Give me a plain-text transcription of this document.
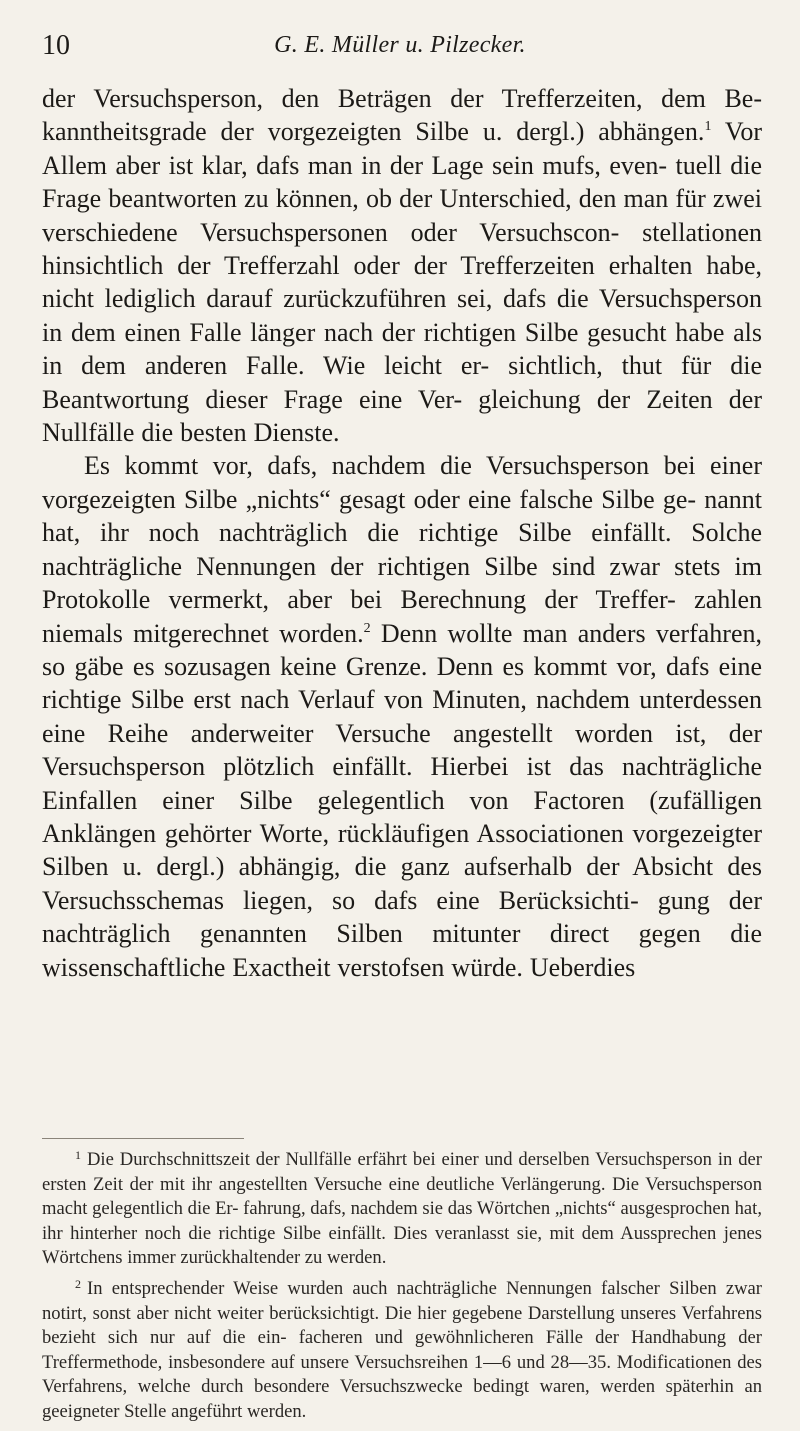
10	G. E. Müller u. Pilzecker.

der Versuchsperson, den Beträgen der Trefferzeiten, dem Be- kanntheitsgrade der vorgezeigten Silbe u. dergl.) abhängen.$^1$ Vor Allem aber ist klar, dafs man in der Lage sein mufs, even- tuell die Frage beantworten zu können, ob der Unterschied, den man für zwei verschiedene Versuchspersonen oder Versuchscon- stellationen hinsichtlich der Trefferzahl oder der Trefferzeiten erhalten habe, nicht lediglich darauf zurückzuführen sei, dafs die Versuchsperson in dem einen Falle länger nach der richtigen Silbe gesucht habe als in dem anderen Falle. Wie leicht er- sichtlich, thut für die Beantwortung dieser Frage eine Ver- gleichung der Zeiten der Nullfälle die besten Dienste.

Es kommt vor, dafs, nachdem die Versuchsperson bei einer vorgezeigten Silbe „nichts“ gesagt oder eine falsche Silbe ge- nannt hat, ihr noch nachträglich die richtige Silbe einfällt. Solche nachträgliche Nennungen der richtigen Silbe sind zwar stets im Protokolle vermerkt, aber bei Berechnung der Treffer- zahlen niemals mitgerechnet worden.$^2$ Denn wollte man anders verfahren, so gäbe es sozusagen keine Grenze. Denn es kommt vor, dafs eine richtige Silbe erst nach Verlauf von Minuten, nachdem unterdessen eine Reihe anderweiter Versuche angestellt worden ist, der Versuchsperson plötzlich einfällt. Hierbei ist das nachträgliche Einfallen einer Silbe gelegentlich von Factoren (zufälligen Anklängen gehörter Worte, rückläufigen Associationen vorgezeigter Silben u. dergl.) abhängig, die ganz aufserhalb der Absicht des Versuchsschemas liegen, so dafs eine Berücksichti- gung der nachträglich genannten Silben mitunter direct gegen die wissenschaftliche Exactheit verstofsen würde. Ueberdies

$^1$ Die Durchschnittszeit der Nullfälle erfährt bei einer und derselben Versuchsperson in der ersten Zeit der mit ihr angestellten Versuche eine deutliche Verlängerung. Die Versuchsperson macht gelegentlich die Er- fahrung, dafs, nachdem sie das Wörtchen „nichts“ ausgesprochen hat, ihr hinterher noch die richtige Silbe einfällt. Dies veranlasst sie, mit dem Aussprechen jenes Wörtchens immer zurückhaltender zu werden.

$^2$ In entsprechender Weise wurden auch nachträgliche Nennungen falscher Silben zwar notirt, sonst aber nicht weiter berücksichtigt. Die hier gegebene Darstellung unseres Verfahrens bezieht sich nur auf die ein- facheren und gewöhnlicheren Fälle der Handhabung der Treffermethode, insbesondere auf unsere Versuchsreihen 1—6 und 28—35. Modificationen des Verfahrens, welche durch besondere Versuchszwecke bedingt waren, werden späterhin an geeigneter Stelle angeführt werden.
